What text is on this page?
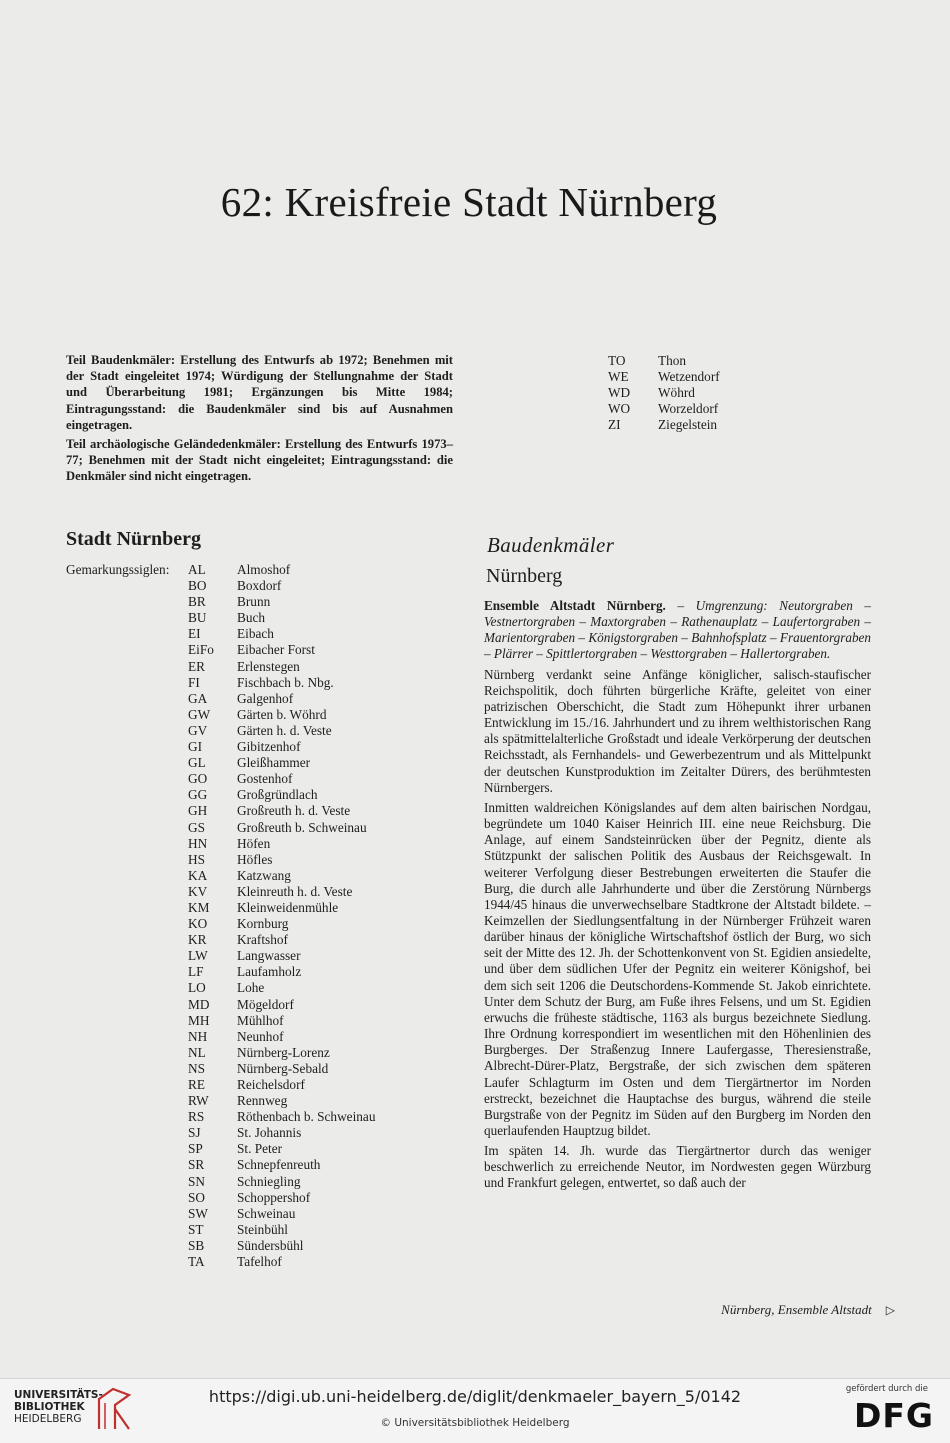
62: Kreisfreie Stadt Nürnberg

Teil Baudenkmäler: Erstellung des Entwurfs ab 1972; Benehmen mit der Stadt eingeleitet 1974; Würdigung der Stellungnahme der Stadt und Überarbeitung 1981; Ergänzungen bis Mitte 1984; Eintragungsstand: die Baudenkmäler sind bis auf Ausnahmen eingetragen.

Teil archäologische Geländedenkmäler: Erstellung des Entwurfs 1973–77; Benehmen mit der Stadt nicht eingeleitet; Eintragungsstand: die Denkmäler sind nicht eingetragen.

TO	Thon
WE	Wetzendorf
WD	Wöhrd
WO	Worzeldorf
ZI	Ziegelstein
Stadt Nürnberg
Gemarkungssiglen: AL	Almoshof
BO	Boxdorf
BR	Brunn
BU	Buch
EI	Eibach
EiFo	Eibacher Forst
ER	Erlenstegen
FI	Fischbach b. Nbg.
GA	Galgenhof
GW	Gärten b. Wöhrd
GV	Gärten h. d. Veste
GI	Gibitzenhof
GL	Gleißhammer
GO	Gostenhof
GG	Großgründlach
GH	Großreuth h. d. Veste
GS	Großreuth b. Schweinau
HN	Höfen
HS	Höfles
KA	Katzwang
KV	Kleinreuth h. d. Veste
KM	Kleinweidenmühle
KO	Kornburg
KR	Kraftshof
LW	Langwasser
LF	Laufamholz
LO	Lohe
MD	Mögeldorf
MH	Mühlhof
NH	Neunhof
NL	Nürnberg-Lorenz
NS	Nürnberg-Sebald
RE	Reichelsdorf
RW	Rennweg
RS	Röthenbach b. Schweinau
SJ	St. Johannis
SP	St. Peter
SR	Schnepfenreuth
SN	Schniegling
SO	Schoppershof
SW	Schweinau
ST	Steinbühl
SB	Sündersbühl
TA	Tafelhof
Baudenkmäler
Nürnberg

Ensemble Altstadt Nürnberg. – Umgrenzung: Neutorgraben – Vestnertorgraben – Maxtorgraben – Rathenauplatz – Laufertorgraben – Marientorgraben – Königstorgraben – Bahnhofsplatz – Frauentorgraben – Plärrer – Spittlertorgraben – Westtorgraben – Hallertorgraben.

Nürnberg verdankt seine Anfänge königlicher, salisch-staufischer Reichspolitik, doch führten bürgerliche Kräfte, geleitet von einer patrizischen Oberschicht, die Stadt zum Höhepunkt ihrer urbanen Entwicklung im 15./16. Jahrhundert und zu ihrem welthistorischen Rang als spätmittelalterliche Großstadt und ideale Verkörperung der deutschen Reichsstadt, als Fernhandels- und Gewerbezentrum und als Mittelpunkt der deutschen Kunstproduktion im Zeitalter Dürers, des berühmtesten Nürnbergers.

Inmitten waldreichen Königslandes auf dem alten bairischen Nordgau, begründete um 1040 Kaiser Heinrich III. eine neue Reichsburg. Die Anlage, auf einem Sandsteinrücken über der Pegnitz, diente als Stützpunkt der salischen Politik des Ausbaus der Reichsgewalt. In weiterer Verfolgung dieser Bestrebungen erweiterten die Staufer die Burg, die durch alle Jahrhunderte und über die Zerstörung Nürnbergs 1944/45 hinaus die unverwechselbare Stadtkrone der Altstadt bildete. – Keimzellen der Siedlungsentfaltung in der Nürnberger Frühzeit waren darüber hinaus der königliche Wirtschaftshof östlich der Burg, wo sich seit der Mitte des 12. Jh. der Schottenkonvent von St. Egidien ansiedelte, und über dem südlichen Ufer der Pegnitz ein weiterer Königshof, bei dem sich seit 1206 die Deutschordens-Kommende St. Jakob einrichtete. Unter dem Schutz der Burg, am Fuße ihres Felsens, und um St. Egidien erwuchs die früheste städtische, 1163 als burgus bezeichnete Siedlung. Ihre Ordnung korrespondiert im wesentlichen mit den Höhenlinien des Burgberges. Der Straßenzug Innere Laufergasse, Theresienstraße, Albrecht-Dürer-Platz, Bergstraße, der sich zwischen dem späteren Laufer Schlagturm im Osten und dem Tiergärtnertor im Norden erstreckt, bezeichnet die Hauptachse des burgus, während die steile Burgstraße von der Pegnitz im Süden auf den Burgberg im Norden den querlaufenden Hauptzug bildet.

Im späten 14. Jh. wurde das Tiergärtnertor durch das weniger beschwerlich zu erreichende Neutor, im Nordwesten gegen Würzburg und Frankfurt gelegen, entwertet, so daß auch der

Nürnberg, Ensemble Altstadt ▷
UNIVERSITÄTS-
BIBLIOTHEK
HEIDELBERG
https://digi.ub.uni-heidelberg.de/diglit/denkmaeler_bayern_5/0142
© Universitätsbibliothek Heidelberg
gefördert durch die
DFG
